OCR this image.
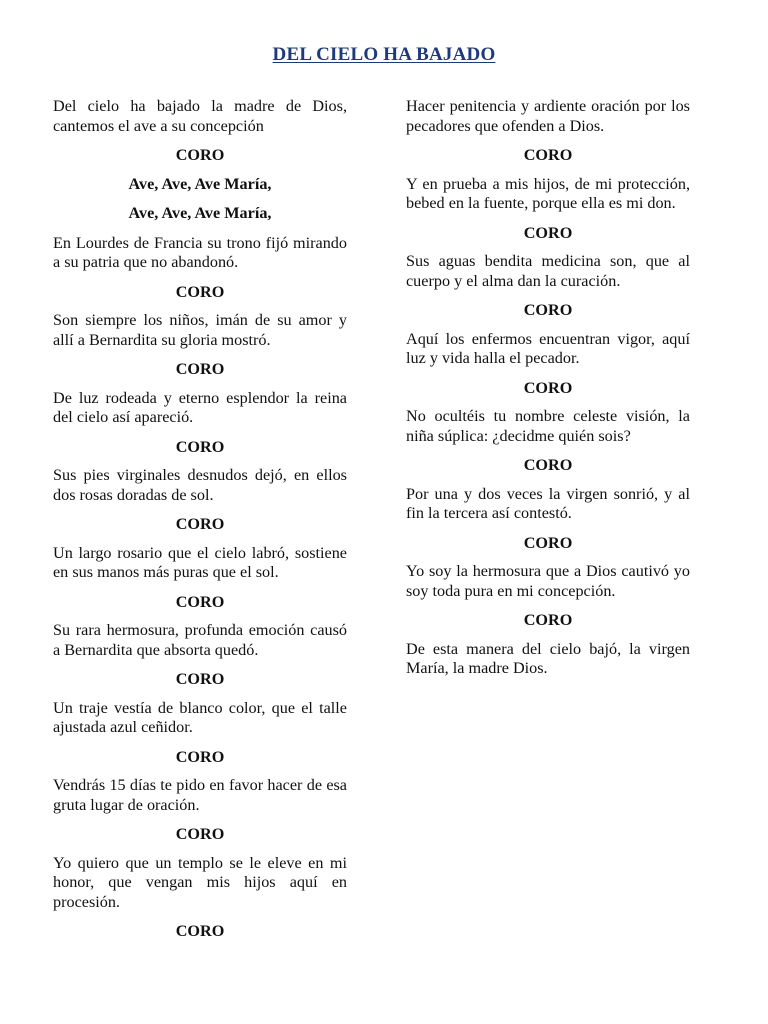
DEL CIELO HA BAJADO

Del cielo ha bajado la madre de Dios, cantemos el ave a su concepción

CORO

Ave, Ave, Ave María,

Ave, Ave, Ave María,

En Lourdes de Francia su trono fijó mirando a su patria que no abandonó.

CORO

Son siempre los niños, imán de su amor y allí a Bernardita su gloria mostró.

CORO

De luz rodeada y eterno esplendor la reina del cielo así apareció.

CORO

Sus pies virginales desnudos dejó, en ellos dos rosas doradas de sol.

CORO

Un largo rosario que el cielo labró, sostiene en sus manos más puras que el sol.

CORO

Su rara hermosura, profunda emoción causó a Bernardita que absorta quedó.

CORO

Un traje vestía de blanco color, que el talle ajustada azul ceñidor.

CORO

Vendrás 15 días te pido en favor hacer de esa gruta lugar de oración.

CORO

Yo quiero que un templo se le eleve en mi honor, que vengan mis hijos aquí en procesión.

CORO

Hacer penitencia y ardiente oración por los pecadores que ofenden a Dios.

CORO

Y en prueba a mis hijos, de mi protección, bebed en la fuente, porque ella es mi don.

CORO

Sus aguas bendita medicina son, que al cuerpo y el alma dan la curación.

CORO

Aquí los enfermos encuentran vigor, aquí luz y vida halla el pecador.

CORO

No ocultéis tu nombre celeste visión, la niña súplica: ¿decidme quién sois?

CORO

Por una y dos veces la virgen sonrió, y al fin la tercera así contestó.

CORO

Yo soy la hermosura que a Dios cautivó yo soy toda pura en mi concepción.

CORO

De esta manera del cielo bajó, la virgen María, la madre Dios.
